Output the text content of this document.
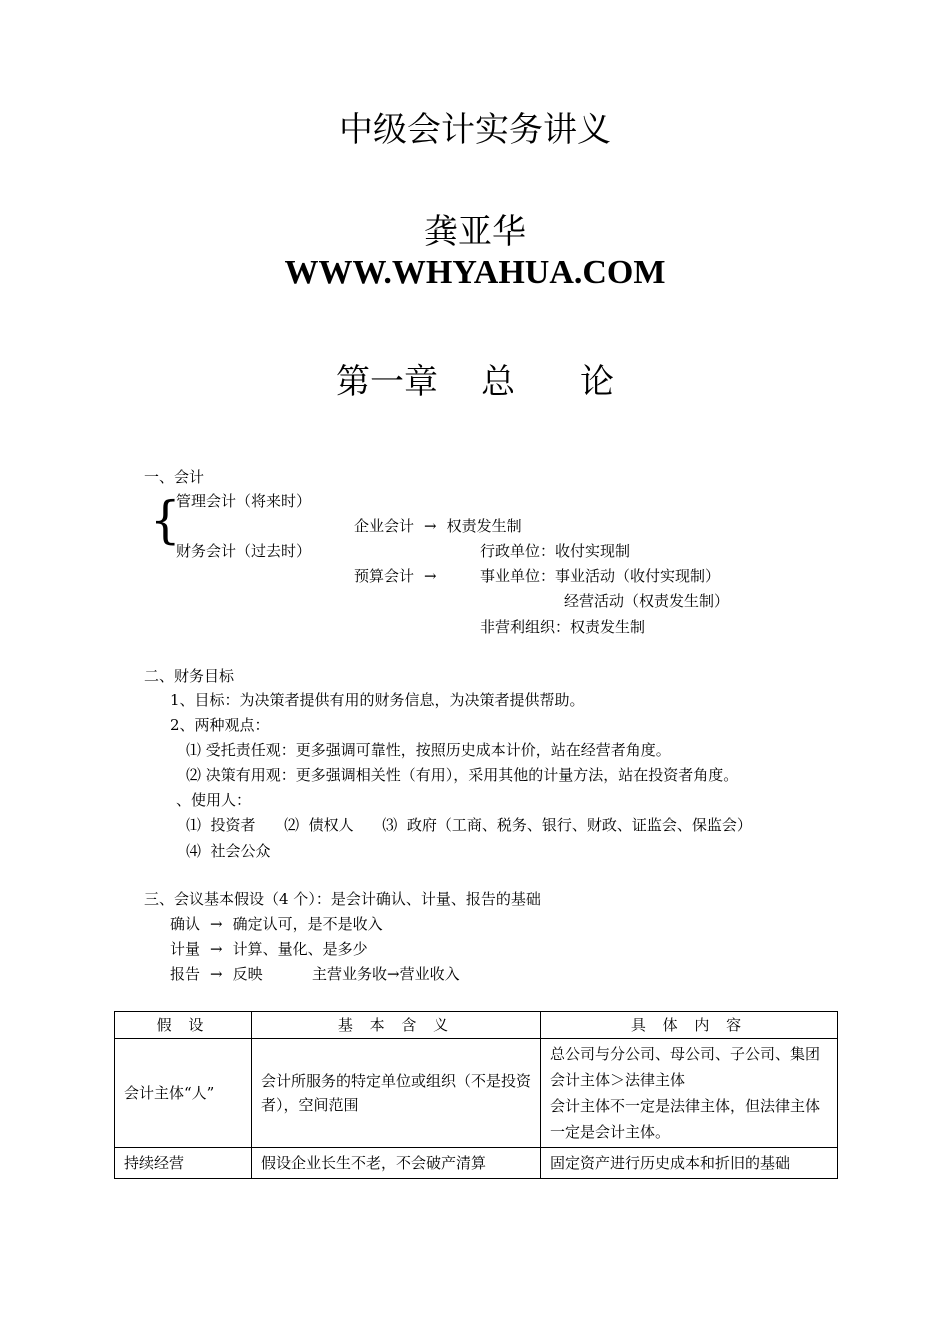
中级会计实务讲义
龚亚华
WWW.WHYAHUA.COM
第一章    总      论
一、会计
{
管理会计（将来时）
财务会计（过去时）
企业会计 → 权责发生制
预算会计 →
行政单位：收付实现制
事业单位：事业活动（收付实现制）
经营活动（权责发生制）
非营利组织：权责发生制
二、财务目标
1、目标：为决策者提供有用的财务信息，为决策者提供帮助。
2、两种观点：
⑴ 受托责任观：更多强调可靠性，按照历史成本计价，站在经营者角度。
⑵ 决策有用观：更多强调相关性（有用），采用其他的计量方法，站在投资者角度。
、使用人：
⑴  投资者      ⑵  债权人      ⑶  政府（工商、税务、银行、财政、证监会、保监会）
⑷  社会公众
三、会议基本假设（4 个）：是会计确认、计量、报告的基础
确认 → 确定认可，是不是收入
计量 → 计算、量化、是多少
报告 → 反映	主营业务收→营业收入
假 设	基 本 含 义	具 体 内 容
会计主体“人”	会计所服务的特定单位或组织（不是投资者），空间范围	总公司与分公司、母公司、子公司、集团
会计主体＞法律主体
会计主体不一定是法律主体，但法律主体一定是会计主体。

持续经营	假设企业长生不老，不会破产清算	固定资产进行历史成本和折旧的基础
